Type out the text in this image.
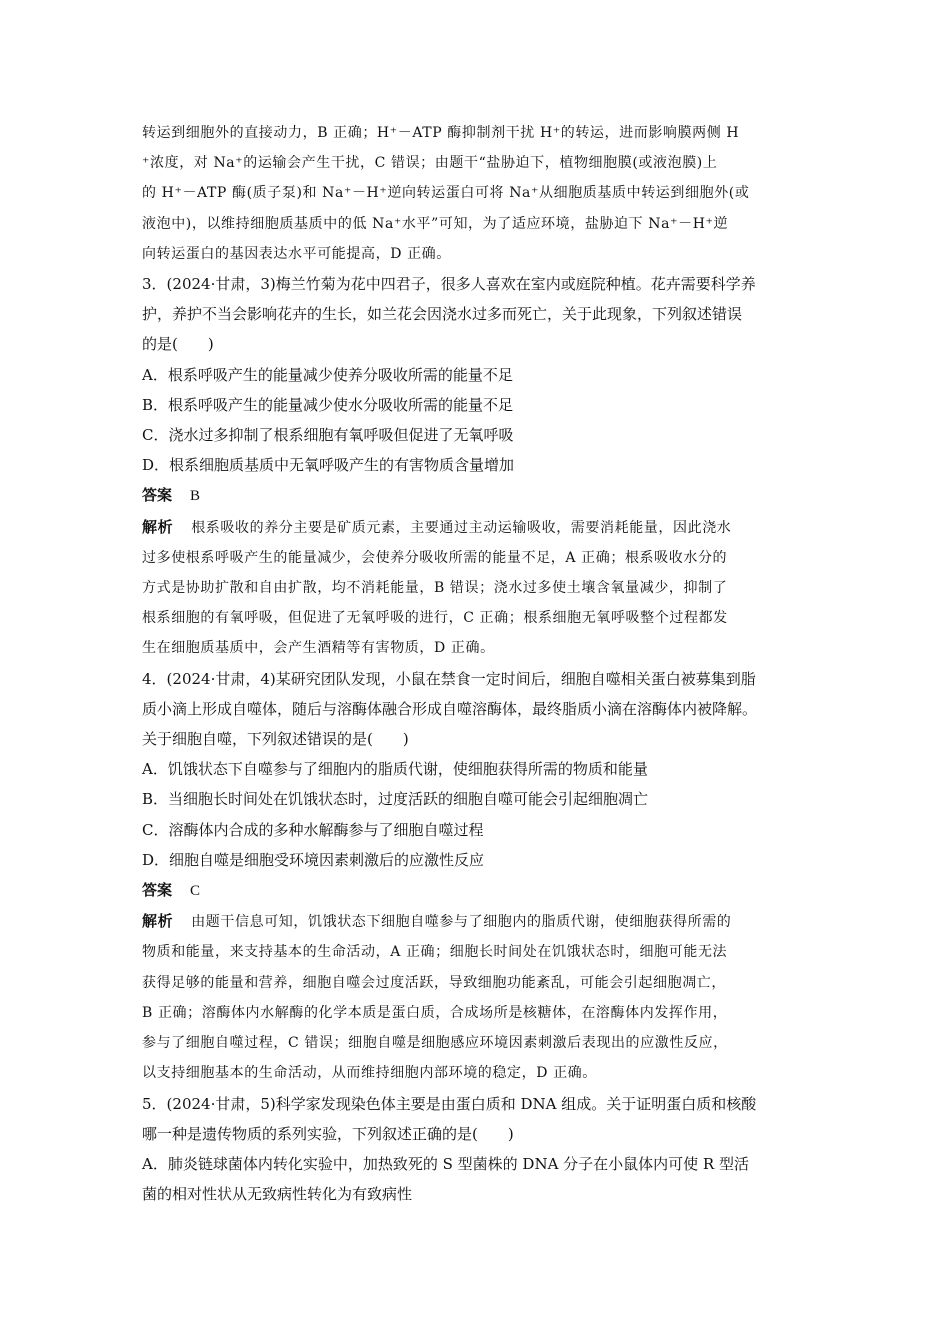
转运到细胞外的直接动力，B 正确；H⁺－ATP 酶抑制剂干扰 H⁺的转运，进而影响膜两侧 H
⁺浓度，对 Na⁺的运输会产生干扰，C 错误；由题干“盐胁迫下，植物细胞膜(或液泡膜)上
的 H⁺－ATP 酶(质子泵)和 Na⁺－H⁺逆向转运蛋白可将 Na⁺从细胞质基质中转运到细胞外(或
液泡中)，以维持细胞质基质中的低 Na⁺水平”可知，为了适应环境，盐胁迫下 Na⁺－H⁺逆
向转运蛋白的基因表达水平可能提高，D 正确。
3．(2024·甘肃，3)梅兰竹菊为花中四君子，很多人喜欢在室内或庭院种植。花卉需要科学养
护，养护不当会影响花卉的生长，如兰花会因浇水过多而死亡，关于此现象，下列叙述错误
的是(　　)
A．根系呼吸产生的能量减少使养分吸收所需的能量不足
B．根系呼吸产生的能量减少使水分吸收所需的能量不足
C．浇水过多抑制了根系细胞有氧呼吸但促进了无氧呼吸
D．根系细胞质基质中无氧呼吸产生的有害物质含量增加
答案 B
解析 根系吸收的养分主要是矿质元素，主要通过主动运输吸收，需要消耗能量，因此浇水
过多使根系呼吸产生的能量减少，会使养分吸收所需的能量不足，A 正确；根系吸收水分的
方式是协助扩散和自由扩散，均不消耗能量，B 错误；浇水过多使土壤含氧量减少，抑制了
根系细胞的有氧呼吸，但促进了无氧呼吸的进行，C 正确；根系细胞无氧呼吸整个过程都发
生在细胞质基质中，会产生酒精等有害物质，D 正确。
4．(2024·甘肃，4)某研究团队发现，小鼠在禁食一定时间后，细胞自噬相关蛋白被募集到脂
质小滴上形成自噬体，随后与溶酶体融合形成自噬溶酶体，最终脂质小滴在溶酶体内被降解。
关于细胞自噬，下列叙述错误的是(　　)
A．饥饿状态下自噬参与了细胞内的脂质代谢，使细胞获得所需的物质和能量
B．当细胞长时间处在饥饿状态时，过度活跃的细胞自噬可能会引起细胞凋亡
C．溶酶体内合成的多种水解酶参与了细胞自噬过程
D．细胞自噬是细胞受环境因素刺激后的应激性反应
答案 C
解析 由题干信息可知，饥饿状态下细胞自噬参与了细胞内的脂质代谢，使细胞获得所需的
物质和能量，来支持基本的生命活动，A 正确；细胞长时间处在饥饿状态时，细胞可能无法
获得足够的能量和营养，细胞自噬会过度活跃，导致细胞功能紊乱，可能会引起细胞凋亡，
B 正确；溶酶体内水解酶的化学本质是蛋白质，合成场所是核糖体，在溶酶体内发挥作用，
参与了细胞自噬过程，C 错误；细胞自噬是细胞感应环境因素刺激后表现出的应激性反应，
以支持细胞基本的生命活动，从而维持细胞内部环境的稳定，D 正确。
5．(2024·甘肃，5)科学家发现染色体主要是由蛋白质和 DNA 组成。关于证明蛋白质和核酸
哪一种是遗传物质的系列实验，下列叙述正确的是(　　)
A．肺炎链球菌体内转化实验中，加热致死的 S 型菌株的 DNA 分子在小鼠体内可使 R 型活
菌的相对性状从无致病性转化为有致病性
